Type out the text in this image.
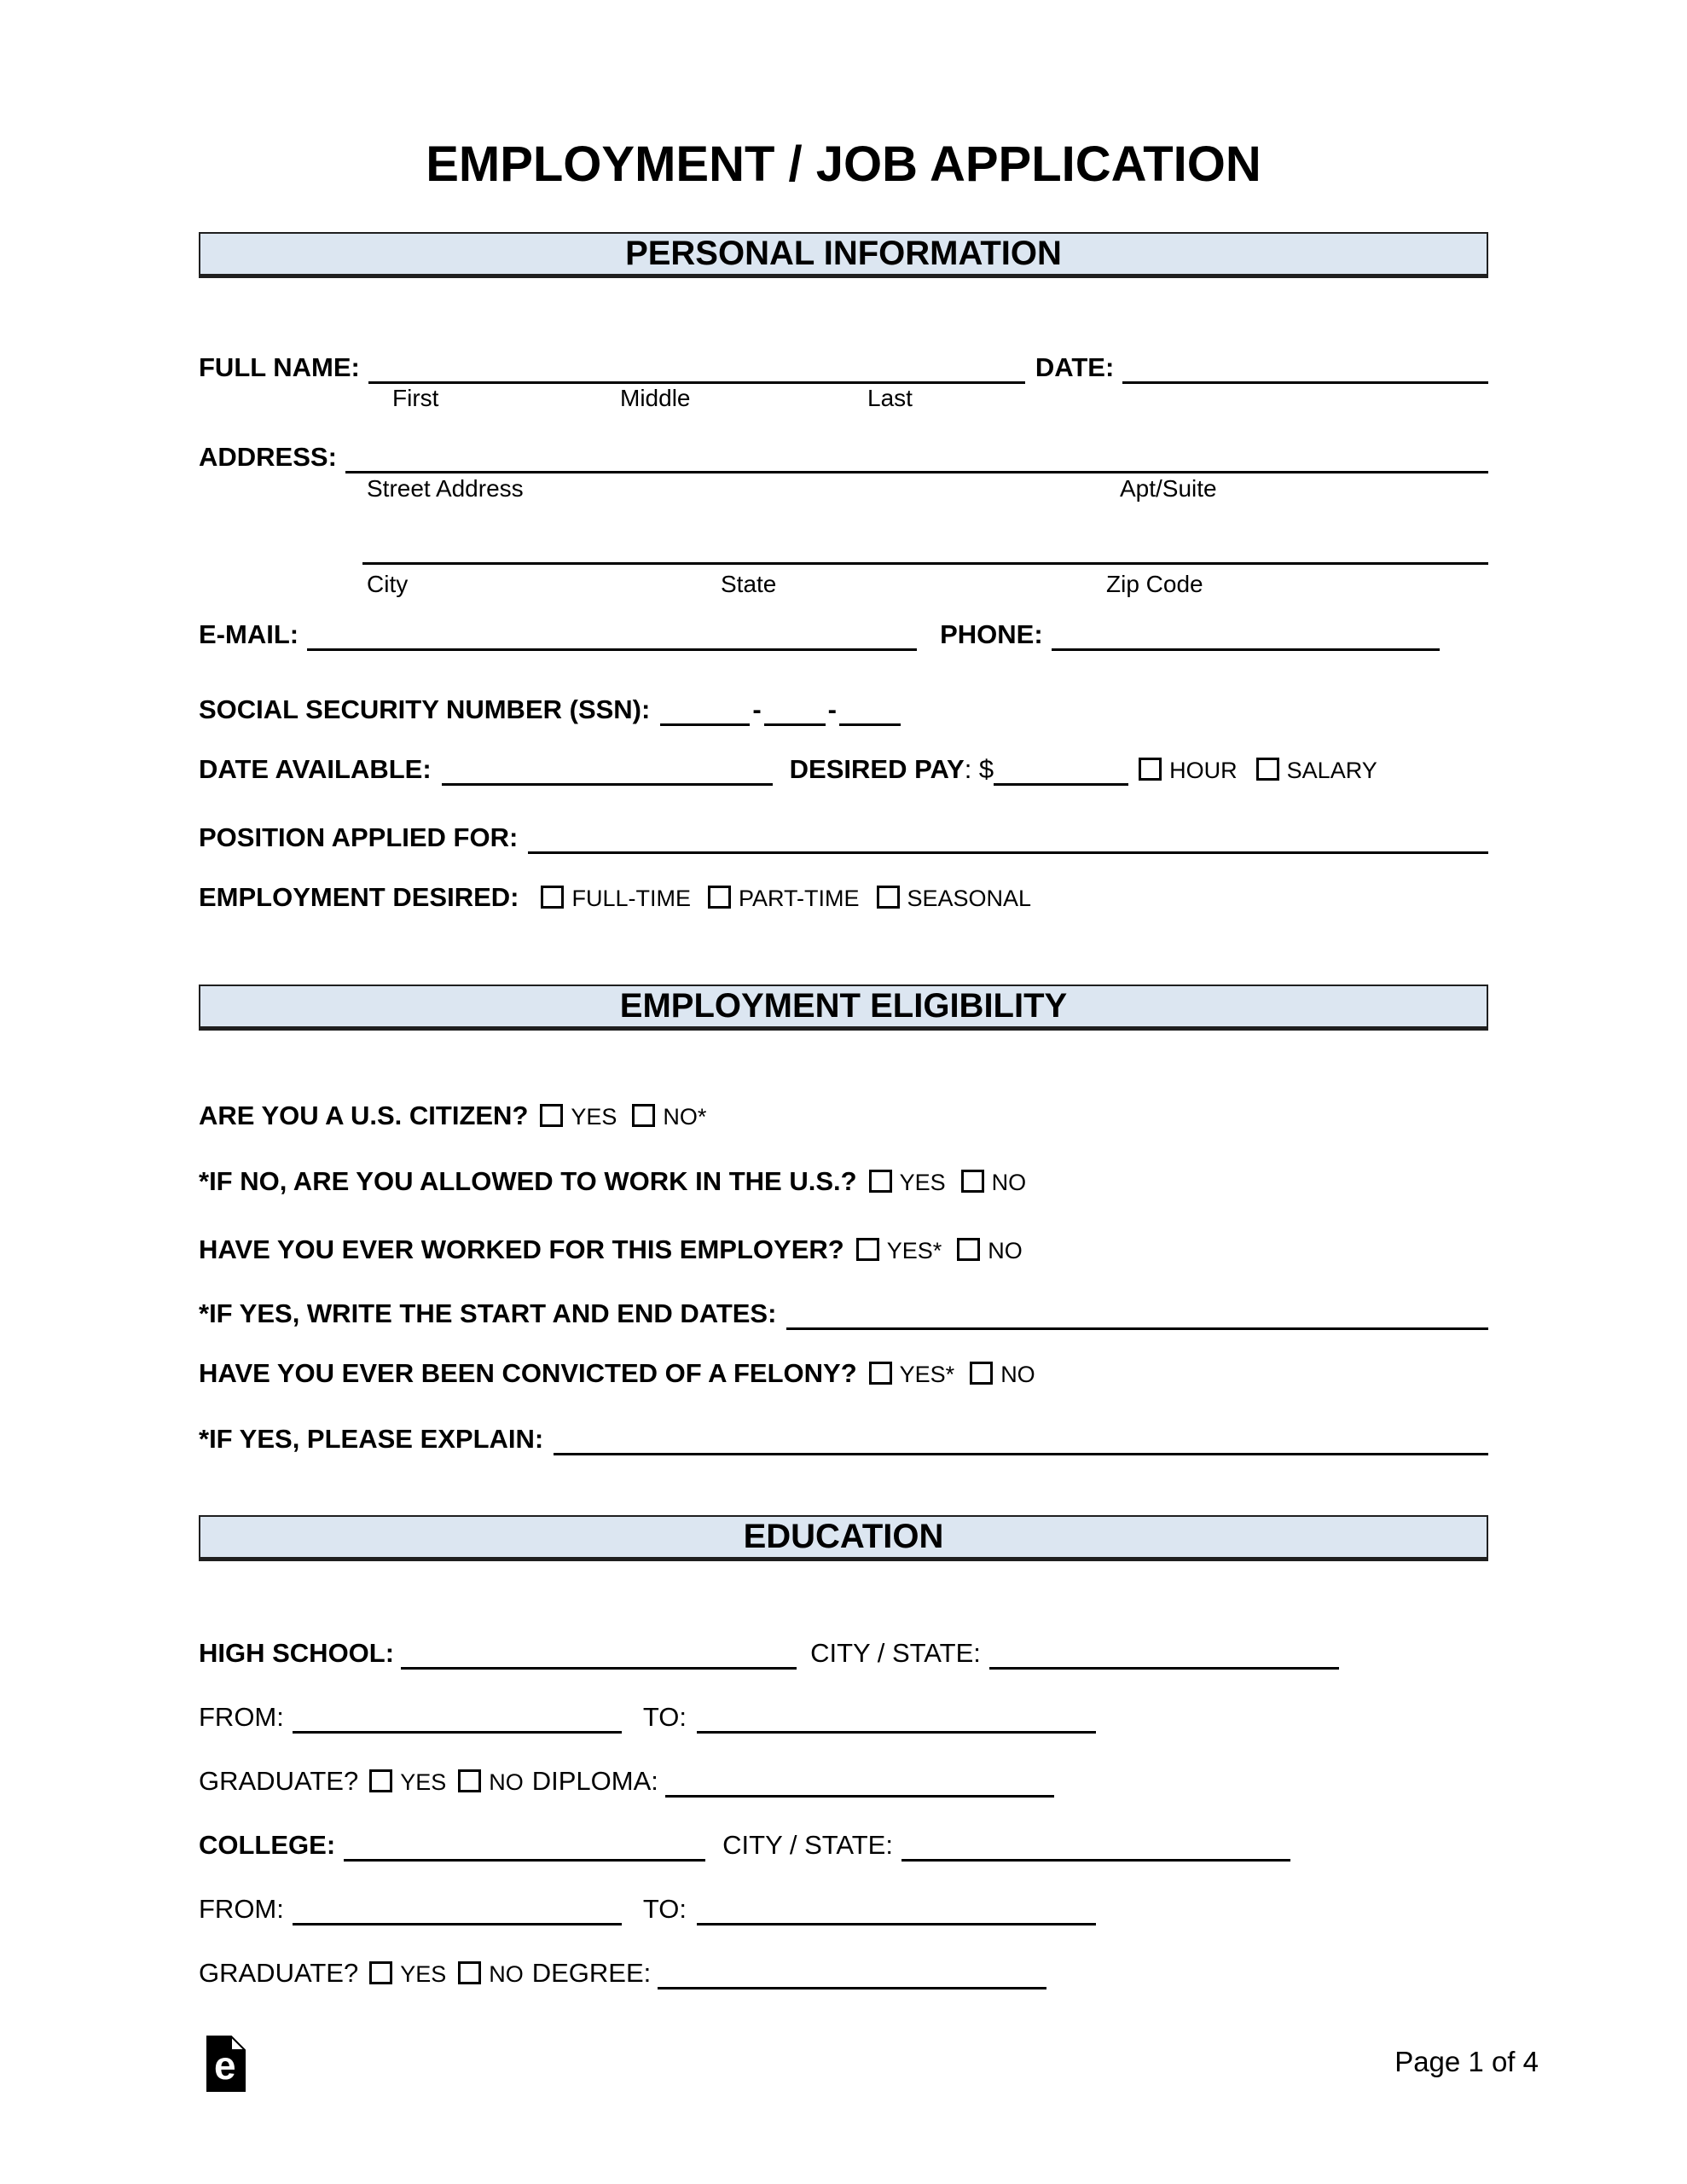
EMPLOYMENT / JOB APPLICATION
PERSONAL INFORMATION
FULL NAME:	DATE:
First	Middle	Last
ADDRESS:
Street Address	Apt/Suite
City	State	Zip Code
E-MAIL:	PHONE:
SOCIAL SECURITY NUMBER (SSN):	-	-
DATE AVAILABLE:	DESIRED PAY : $	HOUR SALARY
POSITION APPLIED FOR:
EMPLOYMENT DESIRED: FULL-TIME PART-TIME SEASONAL
EMPLOYMENT ELIGIBILITY
ARE YOU A U.S. CITIZEN? YES NO*
*IF NO, ARE YOU ALLOWED TO WORK IN THE U.S.? YES NO
HAVE YOU EVER WORKED FOR THIS EMPLOYER? YES* NO
*IF YES, WRITE THE START AND END DATES:
HAVE YOU EVER BEEN CONVICTED OF A FELONY? YES* NO
*IF YES, PLEASE EXPLAIN:
EDUCATION
HIGH SCHOOL:	CITY / STATE:
FROM:	TO:
GRADUATE? YES NO DIPLOMA:
COLLEGE:	CITY / STATE:
FROM:	TO:
GRADUATE? YES NO DEGREE:
e	Page 1 of 4
